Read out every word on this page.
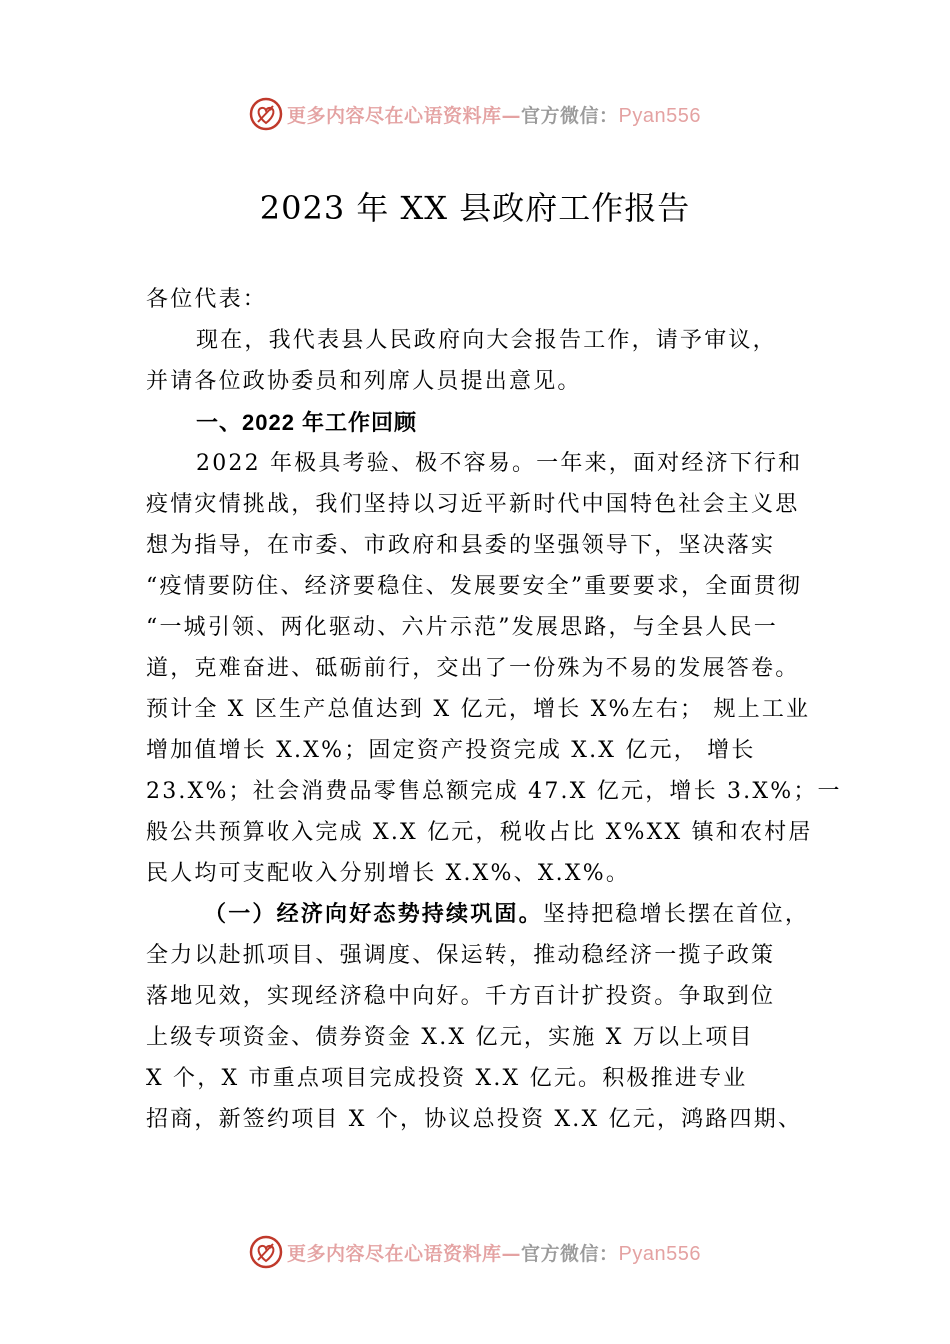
更多内容尽在心语资料库—官方微信：Pyan556
2023 年 XX 县政府工作报告
各位代表：
现在，我代表县人民政府向大会报告工作，请予审议，
并请各位政协委员和列席人员提出意见。
一、2022 年工作回顾
2022 年极具考验、极不容易。一年来，面对经济下行和
疫情灾情挑战，我们坚持以习近平新时代中国特色社会主义思
想为指导，在市委、市政府和县委的坚强领导下，坚决落实
“疫情要防住、经济要稳住、发展要安全”重要要求，全面贯彻
“一城引领、两化驱动、六片示范”发展思路，与全县人民一
道，克难奋进、砥砺前行，交出了一份殊为不易的发展答卷。
预计全 X 区生产总值达到 X 亿元，增长 X%左右； 规上工业
增加值增长 X.X%；固定资产投资完成 X.X 亿元， 增长
23.X%；社会消费品零售总额完成 47.X 亿元，增长 3.X%；一
般公共预算收入完成 X.X 亿元，税收占比 X%XX 镇和农村居
民人均可支配收入分别增长 X.X%、X.X%。
（一）经济向好态势持续巩固。坚持把稳增长摆在首位，
全力以赴抓项目、强调度、保运转，推动稳经济一揽子政策
落地见效，实现经济稳中向好。千方百计扩投资。争取到位
上级专项资金、债券资金 X.X 亿元，实施 X 万以上项目
X 个，X 市重点项目完成投资 X.X 亿元。积极推进专业
招商，新签约项目 X 个，协议总投资 X.X 亿元，鸿路四期、
更多内容尽在心语资料库—官方微信：Pyan556
